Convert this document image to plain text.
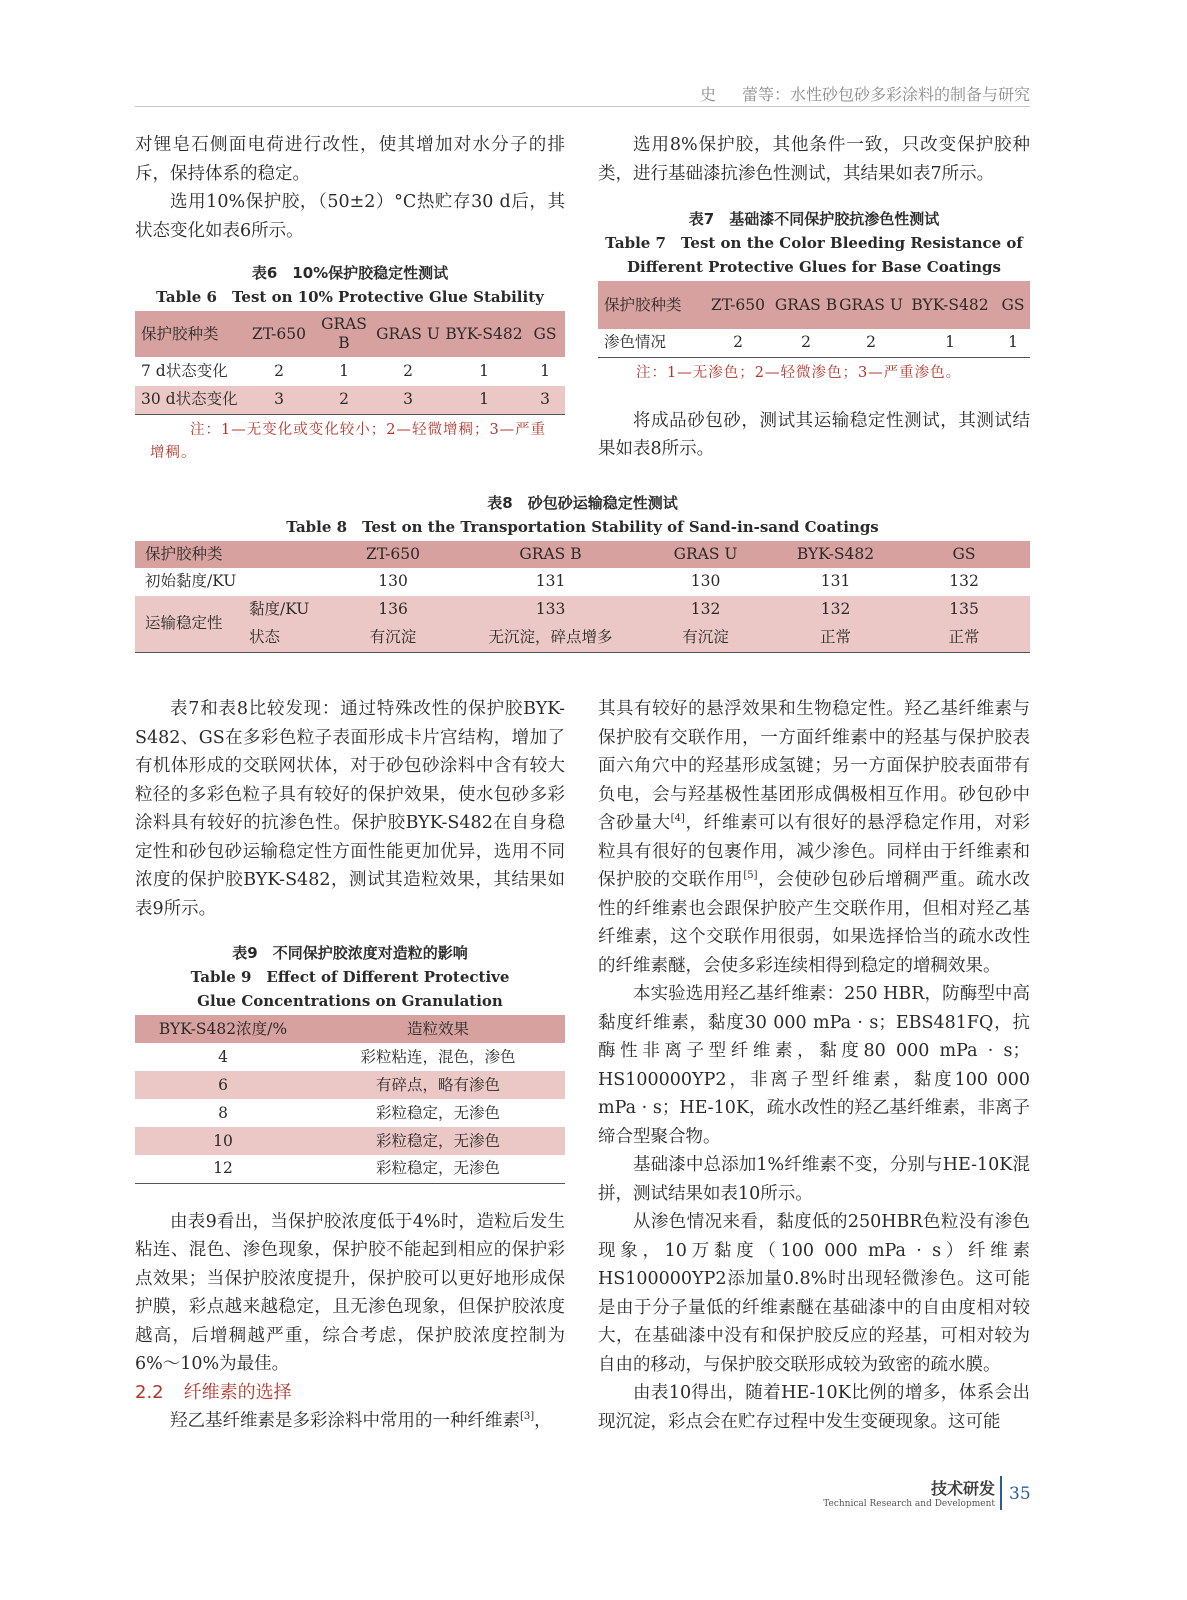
史 蕾等：水性砂包砂多彩涂料的制备与研究

对锂皂石侧面电荷进行改性，使其增加对水分子的排斥，保持体系的稳定。

选用10%保护胶，（50±2）°C热贮存30 d后，其状态变化如表6所示。

表6　10%保护胶稳定性测试
Table 6　Test on 10% Protective Glue Stability
保护胶种类	ZT-650	GRAS B	GRAS U	BYK-S482	GS
7 d状态变化	2	1	2	1	1
30 d状态变化	3	2	3	1	3
注：1—无变化或变化较小；2—轻微增稠；3—严重增稠。

选用8%保护胶，其他条件一致，只改变保护胶种类，进行基础漆抗渗色性测试，其结果如表7所示。

表7　基础漆不同保护胶抗渗色性测试
Table 7　Test on the Color Bleeding Resistance of Different Protective Glues for Base Coatings
保护胶种类	ZT-650	GRAS B	GRAS U	BYK-S482	GS
渗色情况	2	2	2	1	1
注：1—无渗色；2—轻微渗色；3—严重渗色。

将成品砂包砂，测试其运输稳定性测试，其测试结果如表8所示。

表8　砂包砂运输稳定性测试
Table 8　Test on the Transportation Stability of Sand-in-sand Coatings
保护胶种类		ZT-650	GRAS B	GRAS U	BYK-S482	GS
初始黏度/KU		130	131	130	131	132
运输稳定性	黏度/KU	136	133	132	132	135
	状态	有沉淀	无沉淀，碎点增多	有沉淀	正常	正常

表7和表8比较发现：通过特殊改性的保护胶BYK-S482、GS在多彩色粒子表面形成卡片宫结构，增加了有机体形成的交联网状体，对于砂包砂涂料中含有较大粒径的多彩色粒子具有较好的保护效果，使水包砂多彩涂料具有较好的抗渗色性。保护胶BYK-S482在自身稳定性和砂包砂运输稳定性方面性能更加优异，选用不同浓度的保护胶BYK-S482，测试其造粒效果，其结果如表9所示。

表9　不同保护胶浓度对造粒的影响
Table 9　Effect of Different Protective Glue Concentrations on Granulation
BYK-S482浓度/%	造粒效果
4	彩粒粘连，混色，渗色
6	有碎点，略有渗色
8	彩粒稳定，无渗色
10	彩粒稳定，无渗色
12	彩粒稳定，无渗色

由表9看出，当保护胶浓度低于4%时，造粒后发生粘连、混色、渗色现象，保护胶不能起到相应的保护彩点效果；当保护胶浓度提升，保护胶可以更好地形成保护膜，彩点越来越稳定，且无渗色现象，但保护胶浓度越高，后增稠越严重，综合考虑，保护胶浓度控制为6%～10%为最佳。

2.2 纤维素的选择

羟乙基纤维素是多彩涂料中常用的一种纤维素[3]，

其具有较好的悬浮效果和生物稳定性。羟乙基纤维素与保护胶有交联作用，一方面纤维素中的羟基与保护胶表面六角穴中的羟基形成氢键；另一方面保护胶表面带有负电，会与羟基极性基团形成偶极相互作用。砂包砂中含砂量大[4]，纤维素可以有很好的悬浮稳定作用，对彩粒具有很好的包裹作用，减少渗色。同样由于纤维素和保护胶的交联作用[5]，会使砂包砂后增稠严重。疏水改性的纤维素也会跟保护胶产生交联作用，但相对羟乙基纤维素，这个交联作用很弱，如果选择恰当的疏水改性的纤维素醚，会使多彩连续相得到稳定的增稠效果。

本实验选用羟乙基纤维素：250 HBR，防酶型中高黏度纤维素，黏度30 000 mPa · s；EBS481FQ，抗酶性非离子型纤维素，黏度80 000 mPa · s；HS100000YP2，非离子型纤维素，黏度100 000 mPa · s；HE-10K，疏水改性的羟乙基纤维素，非离子缔合型聚合物。

基础漆中总添加1%纤维素不变，分别与HE-10K混拼，测试结果如表10所示。

从渗色情况来看，黏度低的250HBR色粒没有渗色现象，10万黏度（100 000 mPa · s）纤维素HS100000YP2添加量0.8%时出现轻微渗色。这可能是由于分子量低的纤维素醚在基础漆中的自由度相对较大，在基础漆中没有和保护胶反应的羟基，可相对较为自由的移动，与保护胶交联形成较为致密的疏水膜。

由表10得出，随着HE-10K比例的增多，体系会出现沉淀，彩点会在贮存过程中发生变硬现象。这可能

技术研发
Technical Research and Development 35
